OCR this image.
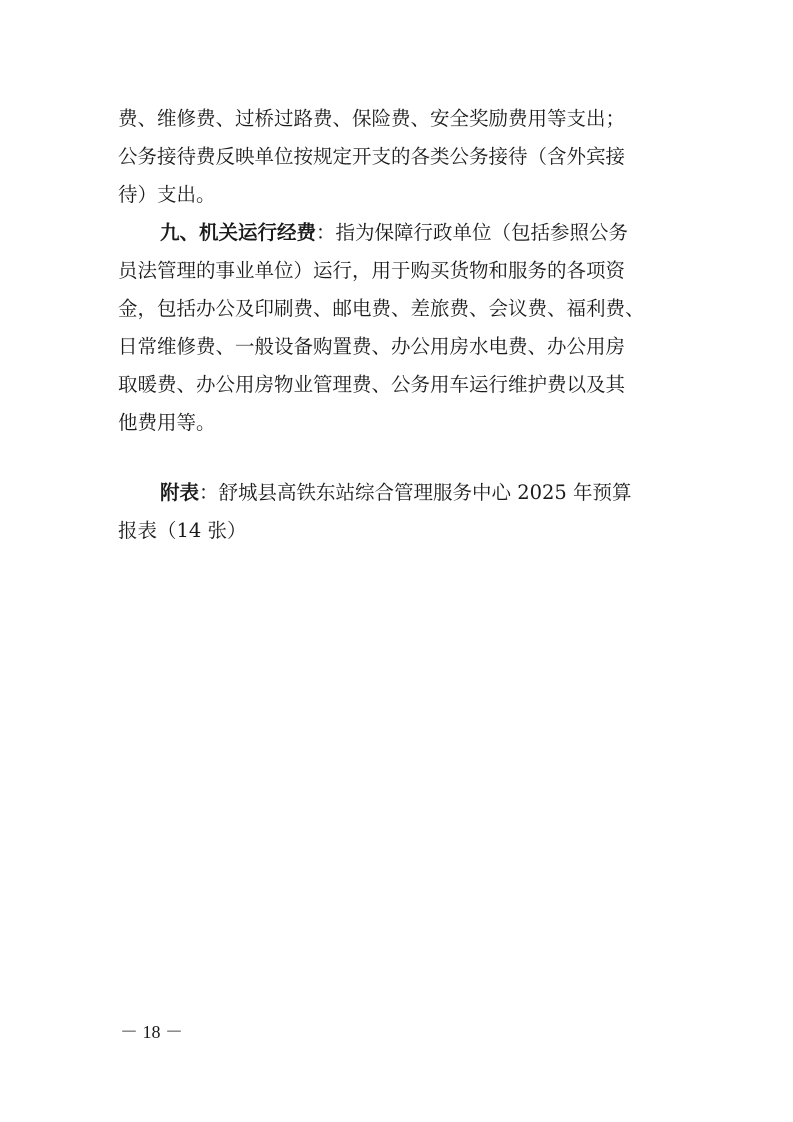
费、维修费、过桥过路费、保险费、安全奖励费用等支出；
公务接待费反映单位按规定开支的各类公务接待（含外宾接
待）支出。
九、机关运行经费：指为保障行政单位（包括参照公务
员法管理的事业单位）运行，用于购买货物和服务的各项资
金，包括办公及印刷费、邮电费、差旅费、会议费、福利费、
日常维修费、一般设备购置费、办公用房水电费、办公用房
取暖费、办公用房物业管理费、公务用车运行维护费以及其
他费用等。
附表：舒城县高铁东站综合管理服务中心 2025 年预算
报表（14 张）
－ 18 －
